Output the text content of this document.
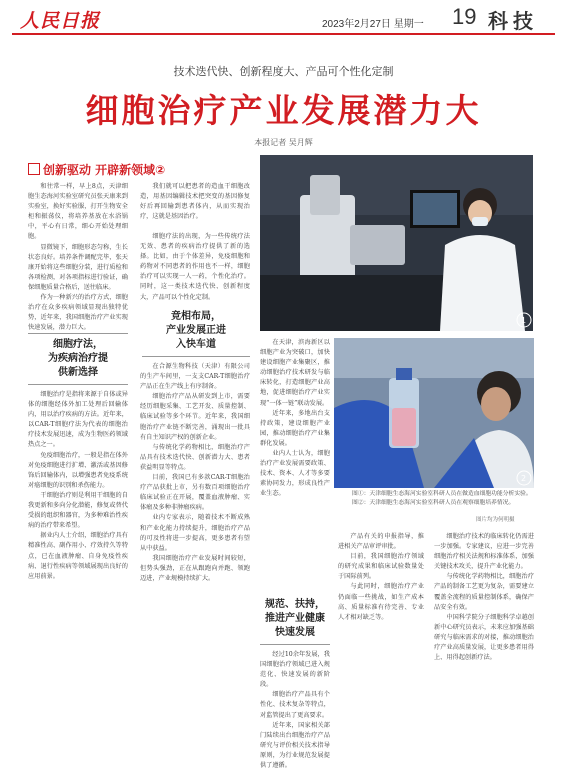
人民日报	2023年2月27日 星期一 19 科技
技术迭代快、创新程度大、产品可个性化定制
细胞治疗产业发展潜力大
本报记者 吴月辉
创新驱动 开辟新领域②

和往常一样，早上8点，天津细胞生态海河实验室研究员张天康来到实验室，换好实验服，打开生物安全柜和振荡仪，将培养基放在水浴锅中，平心有日常，细心开始处理细胞。

显微镜下，细胞形态匀称，生长状态良好。培养条件调配完毕，张天康开始将这些细胞分装，进行质检和各项检测，对各项指标进行验证，确保细胞质量合格后，送往临床。

作为一种新兴的治疗方式，细胞治疗在众多疾病领域显现出独特优势，近年来，我国细胞治疗产业实现快速发展，潜力巨大。

细胞疗法，
为疾病治疗提
供新选择

细胞治疗是指将来源于自体或异体的细胞经体外加工处理后回输体内，用以治疗疾病的方法。近年来，以CAR-T细胞疗法为代表的细胞治疗技术发展迅速，成为生物医药领域热点之一。

免疫细胞治疗，一般是指在体外对免疫细胞进行扩增、激活或基因修饰后回输体内，以增强患者免疫系统对癌细胞的识别和杀伤能力。

干细胞治疗则是利用干细胞的自我更新和多向分化潜能，修复或替代受损的组织和器官，为多种难治性疾病的治疗带来希望。

据业内人士介绍，细胞治疗具有精准性高、副作用小、疗效持久等特点，已在血液肿瘤、自身免疫性疾病、退行性疾病等领域展现出良好的应用前景。

我们就可以把患者的造血干细胞改造，用基因编辑技术把突变的基因修复好后再回输到患者体内，从而实现治疗，这就是基因治疗。

细胞疗法的出现，为一些传统疗法无效、患者的疾病治疗提供了新的选择。比如，由于个体差异，免疫细胞和药物对不同患者的作用也不一样，细胞治疗可以实现一人一药，个性化治疗。同时，这一类技术迭代快、创新程度大，产品可以个性化定制。

竞相布局，
产业发展正进
入快车道

在合源生物科技（天津）有限公司的生产车间里，一支支CAR-T细胞治疗产品正在生产线上有序制备。

细胞治疗产品从研发到上市，需要经历细胞采集、工艺开发、质量控制、临床试验等多个环节。近年来，我国细胞治疗产业链不断完善，涌现出一批具有自主知识产权的创新企业。

与传统化学药物相比，细胞治疗产品具有技术迭代快、创新潜力大、患者获益明显等特点。

目前，我国已有多款CAR-T细胞治疗产品获批上市，另有数百项细胞治疗临床试验正在开展，覆盖血液肿瘤、实体瘤及多种非肿瘤疾病。

业内专家表示，随着技术不断成熟和产业化能力持续提升，细胞治疗产品的可及性将进一步提高，更多患者有望从中获益。

我国细胞治疗产业发展时间较短，但势头强劲，正在从跟跑向并跑、领跑迈进，产业规模持续扩大。

1

在天津，滨海新区以细胞产业为突破口，加快建设细胞产业集聚区，推动细胞治疗技术研发与临床转化，打造细胞产业高地，促进细胞治疗产业实现“一体一链”联动发展。

近年来，多地出台支持政策，建设细胞产业园，推动细胞治疗产业集群化发展。

业内人士认为，细胞治疗产业发展需要政策、技术、资本、人才等多要素协同发力，形成良性产业生态。

规范、扶持，
推进产业健康
快速发展

经过10余年发展，我国细胞治疗领域已进入规范化、快速发展的新阶段。

细胞治疗产品具有个性化、技术复杂等特点，对监管提出了更高要求。

近年来，国家相关部门陆续出台细胞治疗产品研究与评价相关技术指导原则，为行业规范发展提供了遵循。

2
图①：天津细胞生态海河实验室科研人员在做造血细胞功能分析实验。
图②：天津细胞生态海河实验室科研人员在观察细胞培养情况。
图片均为何明摄

产品有关的申报指导，推进相关产品审评审批。

目前，我国细胞治疗领域的研究成果和临床试验数量处于国际前列。

与此同时，细胞治疗产业仍面临一些挑战，如生产成本高、质量标准有待完善、专业人才相对缺乏等。

细胞治疗技术的临床转化仍需进一步加强。专家建议，应进一步完善细胞治疗相关法规和标准体系，加强关键技术攻关，提升产业化能力。

与传统化学药物相比，细胞治疗产品的制备工艺更为复杂，需要建立覆盖全流程的质量控制体系，确保产品安全有效。

中国科学院分子细胞科学卓越创新中心研究员表示，未来应加强基础研究与临床需求的对接，推动细胞治疗产业高质量发展，让更多患者用得上、用得起创新疗法。
